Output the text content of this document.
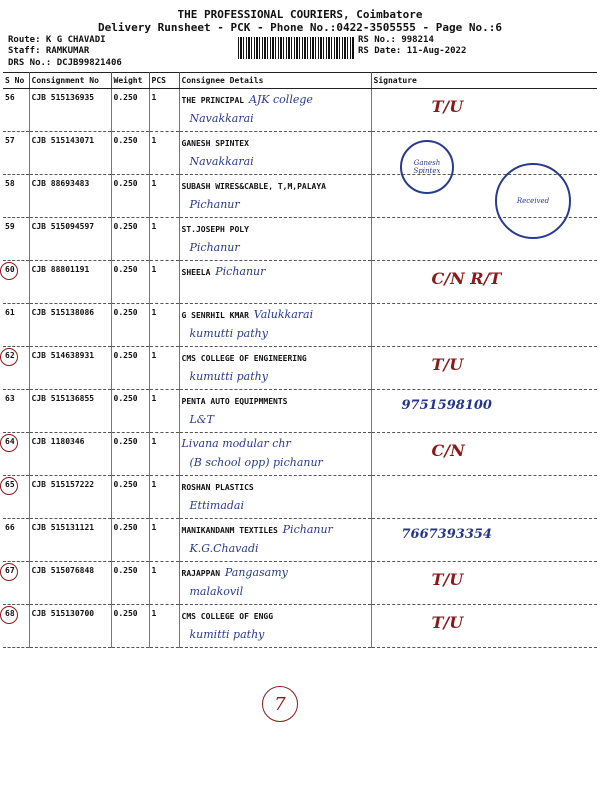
THE PROFESSIONAL COURIERS, Coimbatore
Delivery Runsheet - PCK - Phone No.:0422-3505555 - Page No.:6
Route: K G CHAVADI
Staff: RAMKUMAR
DRS No.: DCJB99821406
RS No.: 998214
RS Date: 11-Aug-2022
S No	Consignment No	Weight	PCS	Consignee Details	Signature
56	CJB 515136935	0.250	1	THE PRINCIPAL AJK college
Navakkarai	T/U

57	CJB 515143071	0.250	1	GANESH SPINTEX
Navakkarai	

58	CJB 88693483	0.250	1	SUBASH WIRES&CABLE, T,M,PALAYA
Pichanur	

59	CJB 515094597	0.250	1	ST.JOSEPH POLY
Pichanur	

60	CJB 88801191	0.250	1	SHEELA Pichanur	C/N R/T

61	CJB 515138086	0.250	1	G SENRHIL KMAR Valukkarai
kumutti pathy	

62	CJB 514638931	0.250	1	CMS COLLEGE OF ENGINEERING
kumutti pathy	T/U

63	CJB 515136855	0.250	1	PENTA AUTO EQUIPMMENTS
L&T	9751598100

64	CJB 1180346	0.250	1	Livana modular chr
(B school opp) pichanur	C/N

65	CJB 515157222	0.250	1	ROSHAN PLASTICS
Ettimadai	

66	CJB 515131121	0.250	1	MANIKANDANM TEXTILES Pichanur
K.G.Chavadi	7667393354

67	CJB 515076848	0.250	1	RAJAPPAN Pangasamy
malakovil	T/U

68	CJB 515130700	0.250	1	CMS COLLEGE OF ENGG
kumitti pathy	T/U
Ganesh Spintex
Received
7
